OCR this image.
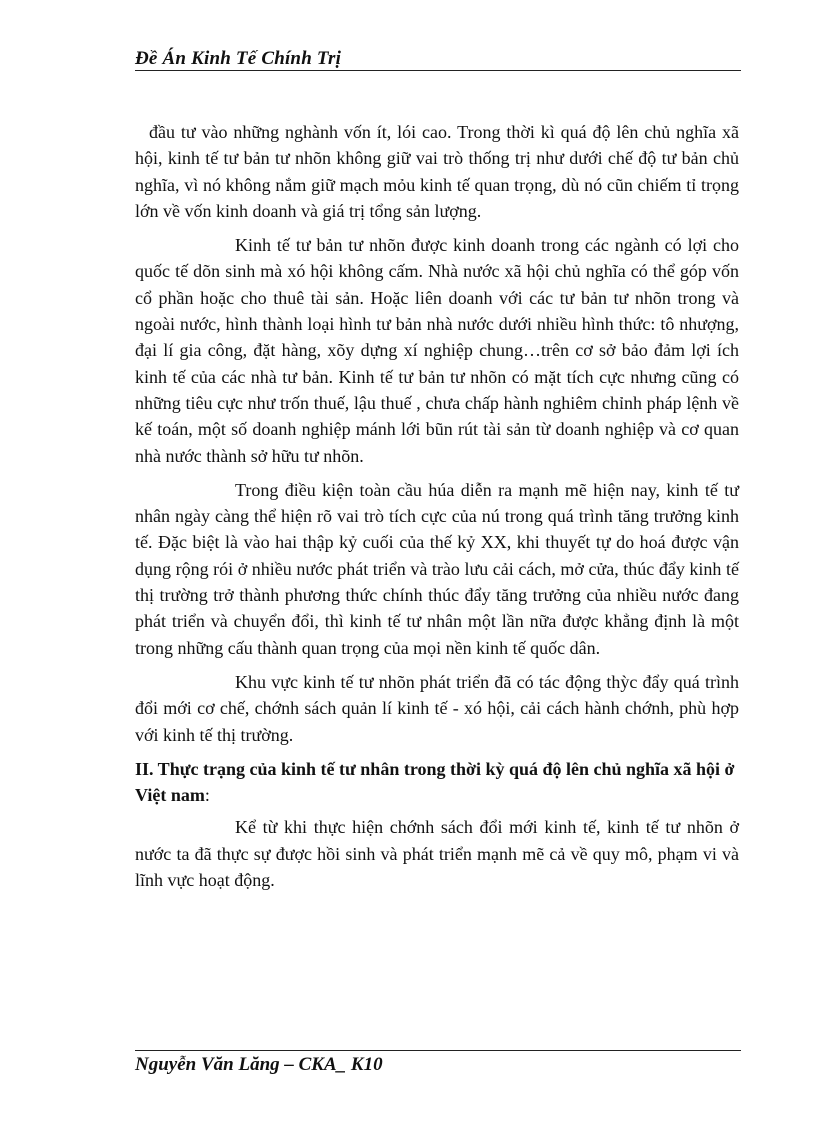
Đề Án Kinh Tế Chính Trị

đầu tư vào những nghành vốn ít, lói cao. Trong thời kì quá độ lên chủ nghĩa xã hội, kinh tế tư bản tư nhõn không giữ vai trò thống trị như dưới chế độ tư bản chủ nghĩa, vì nó không nắm giữ mạch mỏu kinh tế quan trọng, dù nó cũn chiếm tỉ trọng lớn về vốn kinh doanh và giá trị tổng sản lượng.

Kinh tế tư bản tư nhõn được kinh doanh trong các ngành có lợi cho quốc tế dõn sinh mà xó hội không cấm. Nhà nước xã hội chủ nghĩa có thể góp vốn cổ phần hoặc cho thuê tài sản. Hoặc liên doanh với các tư bản tư nhõn trong và ngoài nước, hình thành loại hình tư bản nhà nước dưới nhiều hình thức: tô nhượng, đại lí gia công, đặt hàng, xõy dựng xí nghiệp chung…trên cơ sở bảo đảm lợi ích kinh tế của các nhà tư bản. Kinh tế tư bản tư nhõn có mặt tích cực nhưng cũng có những tiêu cực như trốn thuế, lậu thuế , chưa chấp hành nghiêm chỉnh pháp lệnh về kế toán, một số doanh nghiệp mánh lới bũn rút tài sản từ doanh nghiệp và cơ quan nhà nước thành sở hữu tư nhõn.

Trong điều kiện toàn cầu húa diễn ra mạnh mẽ hiện nay, kinh tế tư nhân ngày càng thể hiện rõ vai trò tích cực của nú trong quá trình tăng trưởng kinh tế. Đặc biệt là vào hai thập kỷ cuối của thế kỷ XX, khi thuyết tự do hoá được vận dụng rộng rói ở nhiều nước phát triển và trào lưu cải cách, mở cửa, thúc đẩy kinh tế thị trường trở thành phương thức chính thúc đẩy tăng trưởng của nhiều nước đang phát triển và chuyển đổi, thì kinh tế tư nhân một lần nữa được khẳng định là một trong những cấu thành quan trọng của mọi nền kinh tế quốc dân.

Khu vực kinh tế tư nhõn phát triển đã có tác động thỳc đẩy quá trình đổi mới cơ chế, chớnh sách quản lí kinh tế - xó hội, cải cách hành chớnh, phù hợp với kinh tế thị trường.

II. Thực trạng của kinh tế tư nhân trong thời kỳ quá độ lên chủ nghĩa xã hội ở Việt nam:

Kể từ khi thực hiện chớnh sách đổi mới kinh tế, kinh tế tư nhõn ở nước ta đã thực sự được hồi sinh và phát triển mạnh mẽ cả về quy mô, phạm vi và lĩnh vực hoạt động.

Nguyễn Văn Lăng – CKA_ K10
